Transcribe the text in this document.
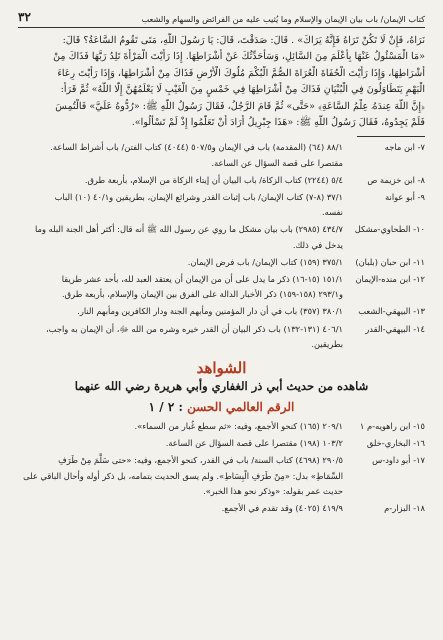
كتاب الإيمان/ باب بيان الإيمان والإسلام وما يُثيب عليه من الفرائض والسهام والشعب
٣٢

نَرَاهُ، فَإِنْ لَا تَكُنْ تَرَاهُ فَإِنَّهُ يَرَاكَ» . قَالَ: صَدَقْتَ، قَالَ: يَا رَسُولَ اللَّهِ، مَتَى تَقُومُ السَّاعَةُ؟ قَالَ:

«مَا الْمَسْئُولُ عَنْهَا بِأَعْلَمَ مِنَ السَّائِلِ، وَسَأُحَدِّثُكَ عَنْ أَشْرَاطِهَا. إِذَا رَأَيْتَ الْمَرْأَةَ تَلِدُ رَبَّهَا فَذَاكَ مِنْ

أَشْرَاطِهَا، وَإِذَا رَأَيْتَ الْحُفَاةَ الْعُرَاةَ الصُّمَّ الْبُكْمَ مُلُوكَ الْأَرْضِ فَذَاكَ مِنْ أَشْرَاطِهَا، وَإِذَا رَأَيْتَ رِعَاءَ

الْبَهْمِ يَتَطَاوَلُونَ فِي الْبُنْيَانِ فَذَاكَ مِنْ أَشْرَاطِهَا فِي خَمْسٍ مِنَ الْغَيْبِ لَا يَعْلَمُهُنَّ إِلَّا اللَّهُ» ثُمَّ قَرَأَ:

﴿إِنَّ اللَّهَ عِندَهُۥ عِلْمُ السَّاعَةِ﴾ «حَتَّى» ثُمَّ قَامَ الرَّجُلُ، فَقَالَ رَسُولُ اللَّهِ ﷺ: «رُدُّوهُ عَلَيَّ» فَالْتُمِسَ

فَلَمْ يَجِدُوهُ، فَقَالَ رَسُولُ اللَّهِ ﷺ: «هَذَا جِبْرِيلُ أَرَادَ أَنْ تَعَلَّمُوا إِذْ لَمْ تَسْأَلُوا».

٧- ابن ماجه

٨٨/١ (٦٤) (المقدمة) باب في الإيمان و٥٠٧/٥ (٤٠٤٤) كتاب الفتن/ باب أشراط الساعة.

مقتصرا على قصة السؤال عن الساعة.

٨- ابن خزيمة ص

٥/٤ (٢٢٤٤) كتاب الزكاة/ باب البيان أن إيتاء الزكاة من الإسلام، بأربعة طرق.

٩- أبو عوانة

٣٧/١ (٨-٧) كتاب الإيمان/ باب إثبات القدر وشرائع الإيمان، بطريقين و٤٠/١ (١٠) الباب

نفسه.

١٠- الطحاوي-مشكل

٤٣٤/٧ (٢٩٨٥) باب بيان مشكل ما روي عن رسول الله ﷺ أنه قال: أكثر أهل الجنة البله وما

يدخل في ذلك.

١١- ابن حبان (بلبان)

٣٧٥/١ (١٥٩) كتاب الإيمان/ باب فرض الإيمان.

١٢- ابن منده-الإيمان

١٥١/١ (١٥-١٦) ذكر ما يدل على أن من الإيمان أن يعتقد العبد لله، بأحد عشر طريقا

و٢٩٣/١ (١٥٨-١٥٩) ذكر الأخبار الدالة على الفرق بين الإيمان والإسلام، بأربعة طرق.

١٣- البيهقي-الشعب

٣٨٠/١ (٣٥٧) باب في أن دار المؤمنين ومأبهم الجنة ودار الكافرين ومأبهم النار.

١٤- البيهقي-القدر

٤٠٦/١ (١٣١-١٣٢) باب ذكر البيان أن القدر خيره وشره من الله ﷻ، أن الإيمان به واجب،

بطريقين.

الشواهد
شاهده من حديث أبي ذر الغفاري وأبي هريرة رضي الله عنهما
الرقم العالمي الحسن : ٢ / ١
١٥- ابن راهويه-م ١

٢٠٩/١ (١٦٥) كنحو الأجمع، وفيه: «ثم سطع غُبار من السماء».

١٦- البخاري-خلق

١٠٣/٢ (١٩٨) مقتصرا على قصة السؤال عن الساعة.

١٧- أبو داود-س

٢٩٠/٥ (٤٦٩٨) كتاب السنة/ باب في القدر، كنحو الأجمع، وفيه: «حتى سَلَّمَ مِنْ طَرَفِ

السِّمَاطِ» بدل: «مِنْ طَرَفِ الْبِسَاطِ». ولم يسق الحديث بتمامه، بل ذكر أوله وأحال الباقي على

حديث عمر بقوله: «وذكر نحو هذا الخبر».

١٨- البزار-م

٤١٩/٩ (٤٠٢٥) وقد تقدم في الأجمع.
